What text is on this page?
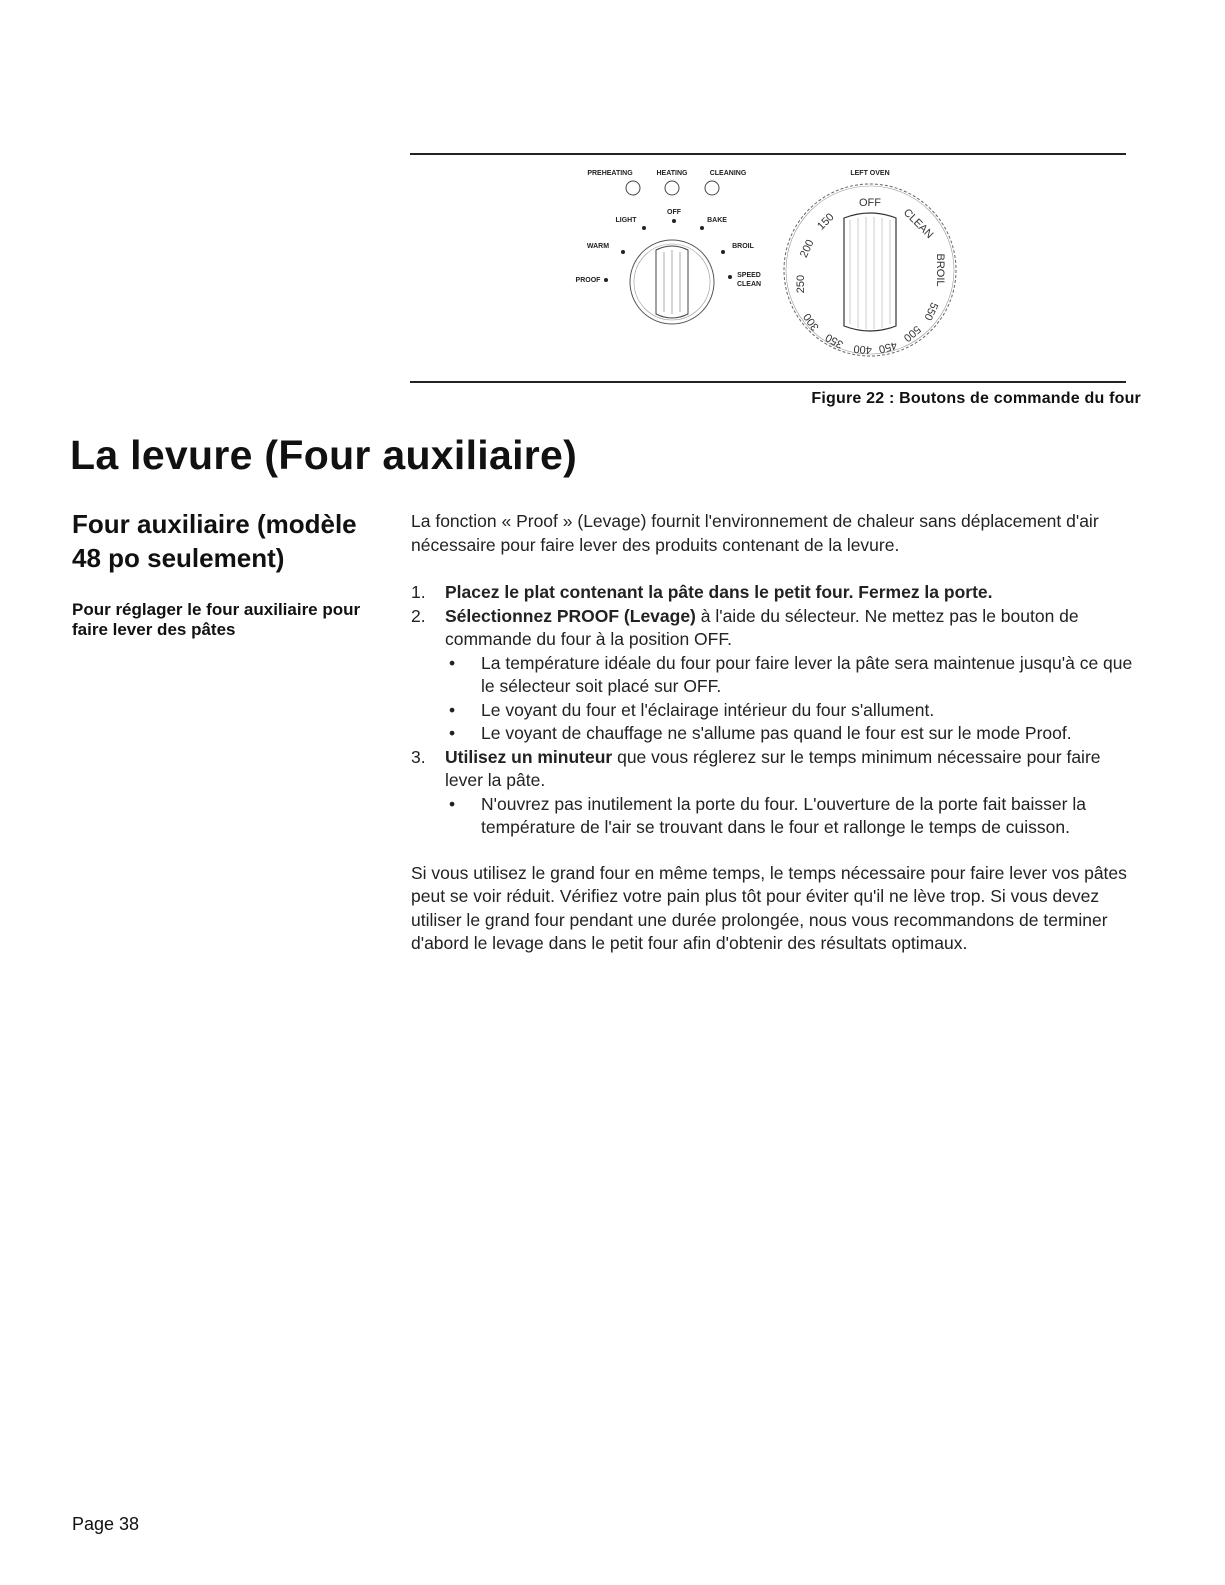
PREHEATING	HEATING	CLEANING
OFF
LIGHT	BAKE
WARM	BROIL
PROOF
SPEED
CLEAN
LEFT OVEN
OFF
CLEAN
BROIL
550
500
450
400
350
300
250
200
150
Figure 22 : Boutons de commande du four
La levure (Four auxiliaire)
Four auxiliaire (modèle 48 po seulement)
Pour réglager le four auxiliaire pour faire lever des pâtes

La fonction « Proof » (Levage) fournit l'environnement de chaleur sans déplacement d'air nécessaire pour faire lever des produits contenant de la levure.

1. Placez le plat contenant la pâte dans le petit four. Fermez la porte.
2. Sélectionnez PROOF (Levage) à l'aide du sélecteur. Ne mettez pas le bouton de commande du four à la position OFF.
• La température idéale du four pour faire lever la pâte sera maintenue jusqu'à ce que le sélecteur soit placé sur OFF.
• Le voyant du four et l'éclairage intérieur du four s'allument.
• Le voyant de chauffage ne s'allume pas quand le four est sur le mode Proof.
3. Utilisez un minuteur que vous réglerez sur le temps minimum nécessaire pour faire lever la pâte.
• N'ouvrez pas inutilement la porte du four. L'ouverture de la porte fait baisser la température de l'air se trouvant dans le four et rallonge le temps de cuisson.

Si vous utilisez le grand four en même temps, le temps nécessaire pour faire lever vos pâtes peut se voir réduit. Vérifiez votre pain plus tôt pour éviter qu'il ne lève trop. Si vous devez utiliser le grand four pendant une durée prolongée, nous vous recommandons de terminer d'abord le levage dans le petit four afin d'obtenir des résultats optimaux.

Page 38
